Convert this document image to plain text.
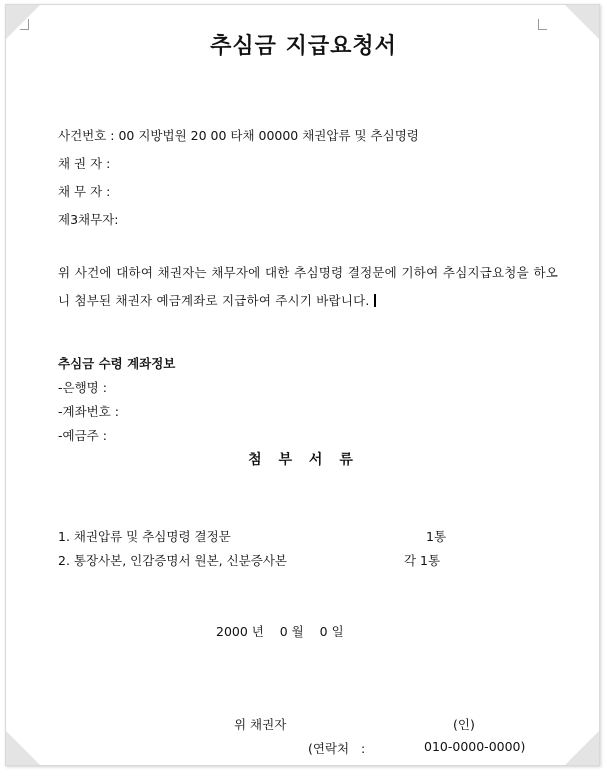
추심금 지급요청서
사건번호 : 00 지방법원 20 00 타채 00000 채권압류 및 추심명령
채 권 자 :
채 무 자 :
제3채무자:
위 사건에 대하여 채권자는 채무자에 대한 추심명령 결정문에 기하여 추심지급요청을 하오니 첨부된 채권자 예금계좌로 지급하여 주시기 바랍니다.
추심금 수령 계좌정보
-은행명 :
-계좌번호 :
-예금주 :
첨 부 서 류
1. 채권압류 및 추심명령 결정문	1통
2. 통장사본, 인감증명서 원본, 신분증사본	각 1통
2000 년    0 월    0 일
위 채권자	(인)
(연락처   :	010-0000-0000)
